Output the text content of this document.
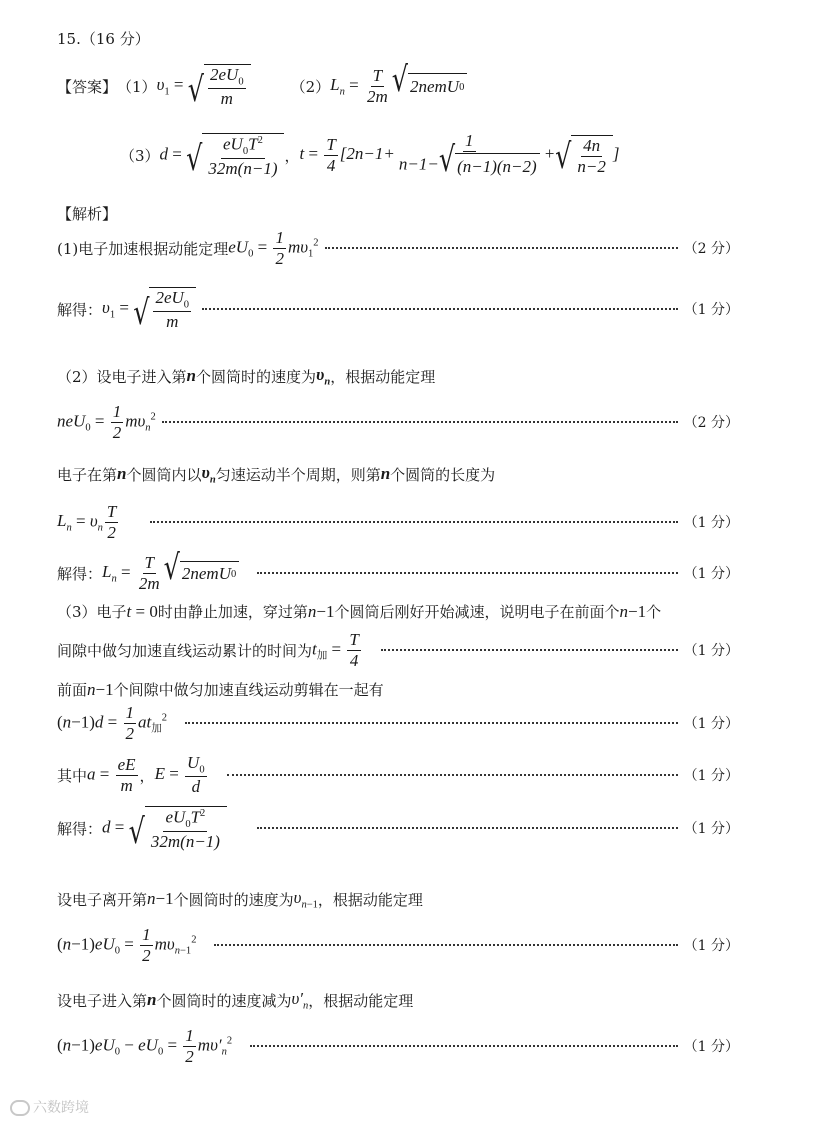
15.（16 分）
【答案】 （1） $\upsilon_1$ = √ $\frac{2eU_0}{m}$	（2） $L_n = \frac{T}{2m}$ √ 2 nemU 0
（3） d = √ $\frac{eU_0T^2}{32m(n-1)}$ ， $t = \frac{T}{4} [2n-1+ \frac{1}{n-1- √ ( n -1)( n -2)}$ + √ $\frac{4n}{n-2}$ ]
【解析】
(1)电子加速根据动能定理 $eU_0 = \frac{1}{2} m\upsilon_1^2$	（2 分）
解得： $\upsilon_1$ = √ $\frac{2eU_0}{m}$	（1 分）
（2）设电子进入第 n 个圆筒时的速度为 $\upsilon_n$ ，根据动能定理
$neU_0 = \frac{1}{2} m\upsilon_n^2$	（2 分）
电子在第 n 个圆筒内以 $\upsilon_n$ 匀速运动半个周期，则第 n 个圆筒的长度为
$L_n = \upsilon_n \frac{T}{2}$	（1 分）
解得： $L_n = \frac{T}{2m}$ √ 2 nemU 0	（1 分）
（3）电子 t = 0 时由静止加速，穿过第 n−1 个圆筒后刚好开始减速，说明电子在前面个 n−1 个
间隙中做匀加速直线运动累计的时间为 $t_加 = \frac{T}{4}$	（1 分）
前面 n−1 个间隙中做匀加速直线运动剪辑在一起有
$(n-1)d = \frac{1}{2} at_加^2$	（1 分）
其中 $a = \frac{eE}{m}$ ， $E = \frac{U_0}{d}$	（1 分）
解得： d = √ $\frac{eU_0T^2}{32m(n-1)}$	（1 分）
设电子离开第 n−1 个圆筒时的速度为 $\upsilon_{n-1}$ ，根据动能定理
$(n-1)eU_0 = \frac{1}{2} m\upsilon_{n-1}^2$	（1 分）
设电子进入第 n 个圆筒时的速度减为 $\upsilon'_n$ ，根据动能定理
$(n-1)eU_0 - eU_0 = \frac{1}{2} m\upsilon'_n^2$	（1 分）
六数跨境
